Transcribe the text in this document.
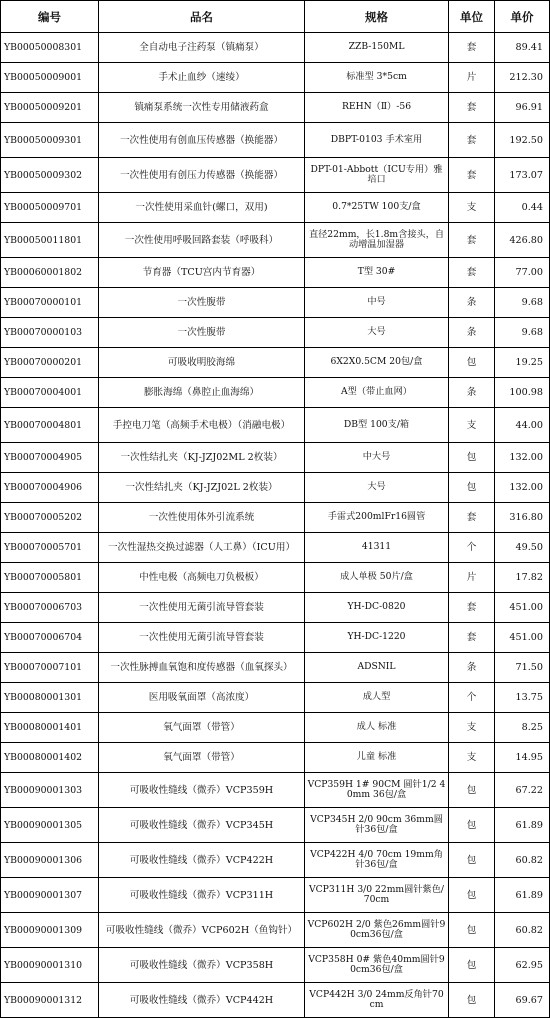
编号	品名	规格	单位	单价
YB00050008301	全自动电子注药泵（镇痛泵）	ZZB-150ML	套	89.41
YB00050009001	手术止血纱（速绫）	标准型 3*5cm	片	212.30
YB00050009201	镇痛泵系统一次性专用储液药盒	REHN（Ⅱ）-56	套	96.91
YB00050009301	一次性使用有创血压传感器（换能器）	DBPT-0103 手术室用	套	192.50
YB00050009302	一次性使用有创压力传感器（换能器）	DPT-01-Abbott（ICU专用）雅培口	套	173.07
YB00050009701	一次性使用采血针(螺口，双用)	0.7*25TW 100支/盒	支	0.44
YB00050011801	一次性使用呼吸回路套装（呼吸科）	直径22mm，长1.8m含接头，自动增温加湿器	套	426.80
YB00060001802	节育器（TCU宫内节育器）	T型 30#	套	77.00
YB00070000101	一次性腹带	中号	条	9.68
YB00070000103	一次性腹带	大号	条	9.68
YB00070000201	可吸收明胶海绵	6X2X0.5CM 20包/盒	包	19.25
YB00070004001	膨胀海绵（鼻腔止血海绵）	A型（带止血网）	条	100.98
YB00070004801	手控电刀笔（高频手术电极）（消融电极）	DB型 100支/箱	支	44.00
YB00070004905	一次性结扎夹（KJ-JZJ02ML 2枚装）	中大号	包	132.00
YB00070004906	一次性结扎夹（KJ-JZJ02L 2枚装）	大号	包	132.00
YB00070005202	一次性使用体外引流系统	手雷式200mlFr16圆管	套	316.80
YB00070005701	一次性湿热交换过滤器（人工鼻）（ICU用）	41311	个	49.50
YB00070005801	中性电极（高频电刀负极板）	成人单极 50片/盒	片	17.82
YB00070006703	一次性使用无菌引流导管套装	YH-DC-0820	套	451.00
YB00070006704	一次性使用无菌引流导管套装	YH-DC-1220	套	451.00
YB00070007101	一次性脉搏血氧饱和度传感器（血氧探头）	ADSNIL	条	71.50
YB00080001301	医用吸氧面罩（高浓度）	成人型	个	13.75
YB00080001401	氧气面罩（带管）	成人 标准	支	8.25
YB00080001402	氧气面罩（带管）	儿童 标准	支	14.95
YB00090001303	可吸收性缝线（微乔）VCP359H	VCP359H 1# 90CM 圆针1/2 40mm 36包/盒	包	67.22
YB00090001305	可吸收性缝线（微乔）VCP345H	VCP345H 2/0 90cm 36mm圆针36包/盒	包	61.89
YB00090001306	可吸收性缝线（微乔）VCP422H	VCP422H 4/0 70cm 19mm角针36包/盒	包	60.82
YB00090001307	可吸收性缝线（微乔）VCP311H	VCP311H 3/0 22mm圆针紫色/70cm	包	61.89
YB00090001309	可吸收性缝线（微乔）VCP602H（鱼钩针）	VCP602H 2/0 紫色26mm圆针90cm36包/盒	包	60.82
YB00090001310	可吸收性缝线（微乔）VCP358H	VCP358H 0# 紫色40mm圆针90cm36包/盒	包	62.95
YB00090001312	可吸收性缝线（微乔）VCP442H	VCP442H 3/0 24mm反角针70cm	包	69.67
